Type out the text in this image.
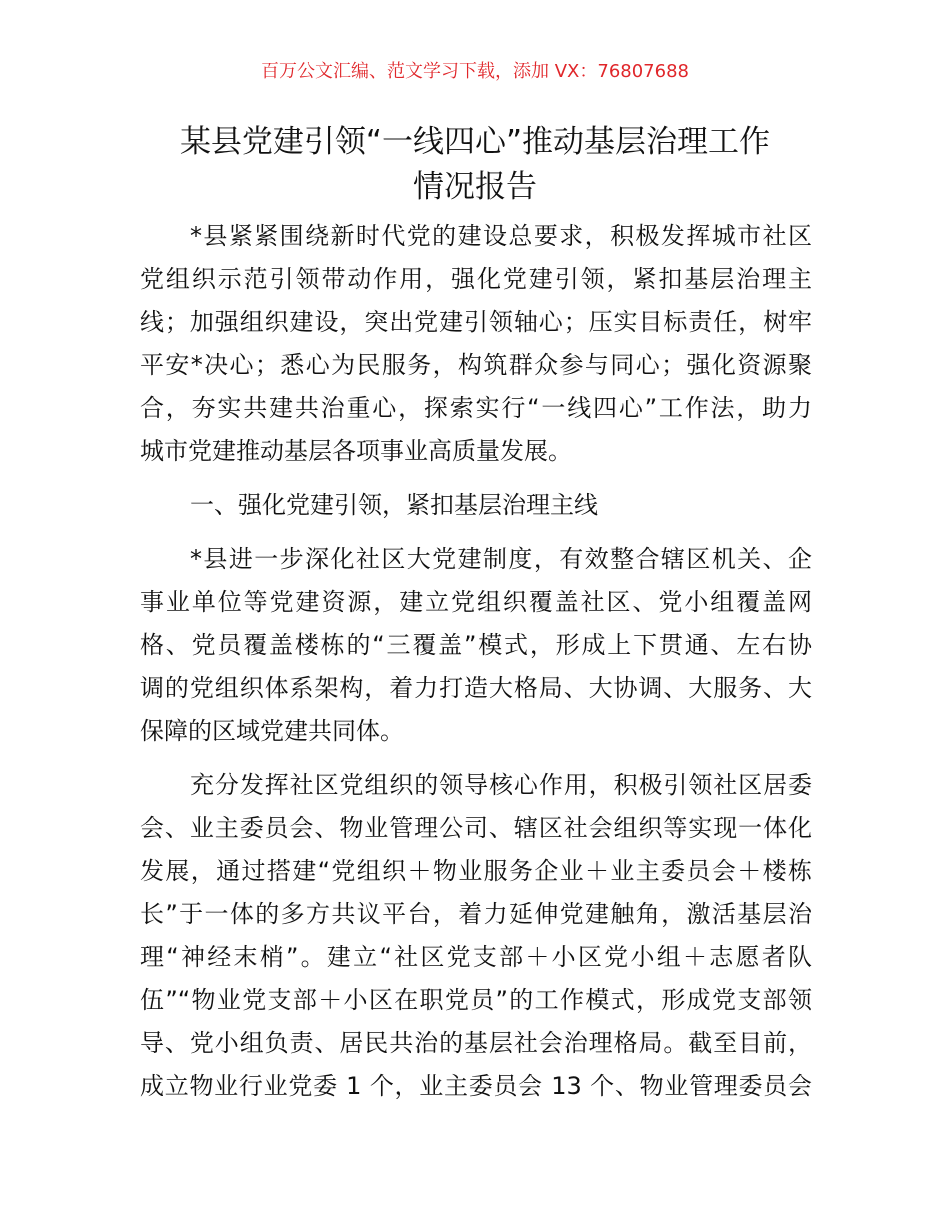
百万公文汇编、范文学习下载，添加 VX：76807688
某县党建引领“一线四心”推动基层治理工作
情况报告
*县紧紧围绕新时代党的建设总要求，积极发挥城市社区
党组织示范引领带动作用，强化党建引领，紧扣基层治理主
线；加强组织建设，突出党建引领轴心；压实目标责任，树牢
平安*决心；悉心为民服务，构筑群众参与同心；强化资源聚
合，夯实共建共治重心，探索实行“一线四心”工作法，助力
城市党建推动基层各项事业高质量发展。
一、强化党建引领，紧扣基层治理主线
*县进一步深化社区大党建制度，有效整合辖区机关、企
事业单位等党建资源，建立党组织覆盖社区、党小组覆盖网
格、党员覆盖楼栋的“三覆盖”模式，形成上下贯通、左右协
调的党组织体系架构，着力打造大格局、大协调、大服务、大
保障的区域党建共同体。
充分发挥社区党组织的领导核心作用，积极引领社区居委
会、业主委员会、物业管理公司、辖区社会组织等实现一体化
发展，通过搭建“党组织＋物业服务企业＋业主委员会＋楼栋
长”于一体的多方共议平台，着力延伸党建触角，激活基层治
理“神经末梢”。建立“社区党支部＋小区党小组＋志愿者队
伍”“物业党支部＋小区在职党员”的工作模式，形成党支部领
导、党小组负责、居民共治的基层社会治理格局。截至目前，
成立物业行业党委 1 个，业主委员会 13 个、物业管理委员会
